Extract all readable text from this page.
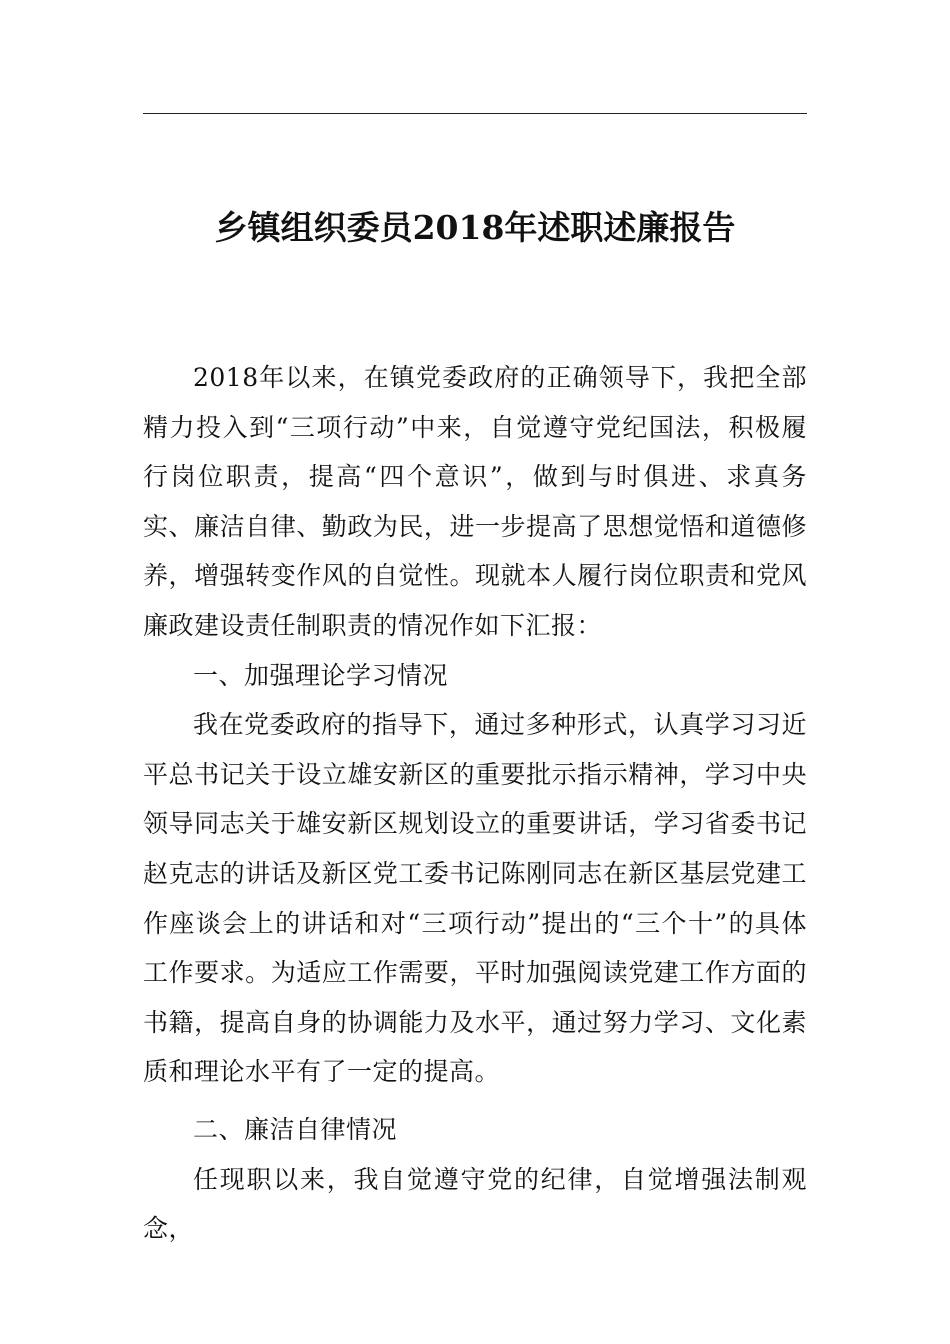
乡镇组织委员2018年述职述廉报告

2018年以来，在镇党委政府的正确领导下，我把全部精力投入到“三项行动”中来，自觉遵守党纪国法，积极履行岗位职责，提高“四个意识”，做到与时俱进、求真务实、廉洁自律、勤政为民，进一步提高了思想觉悟和道德修养，增强转变作风的自觉性。现就本人履行岗位职责和党风廉政建设责任制职责的情况作如下汇报：

一、加强理论学习情况

我在党委政府的指导下，通过多种形式，认真学习习近平总书记关于设立雄安新区的重要批示指示精神，学习中央领导同志关于雄安新区规划设立的重要讲话，学习省委书记赵克志的讲话及新区党工委书记陈刚同志在新区基层党建工作座谈会上的讲话和对“三项行动”提出的“三个十”的具体工作要求。为适应工作需要，平时加强阅读党建工作方面的书籍，提高自身的协调能力及水平，通过努力学习、文化素质和理论水平有了一定的提高。

二、廉洁自律情况

任现职以来，我自觉遵守党的纪律，自觉增强法制观念，
